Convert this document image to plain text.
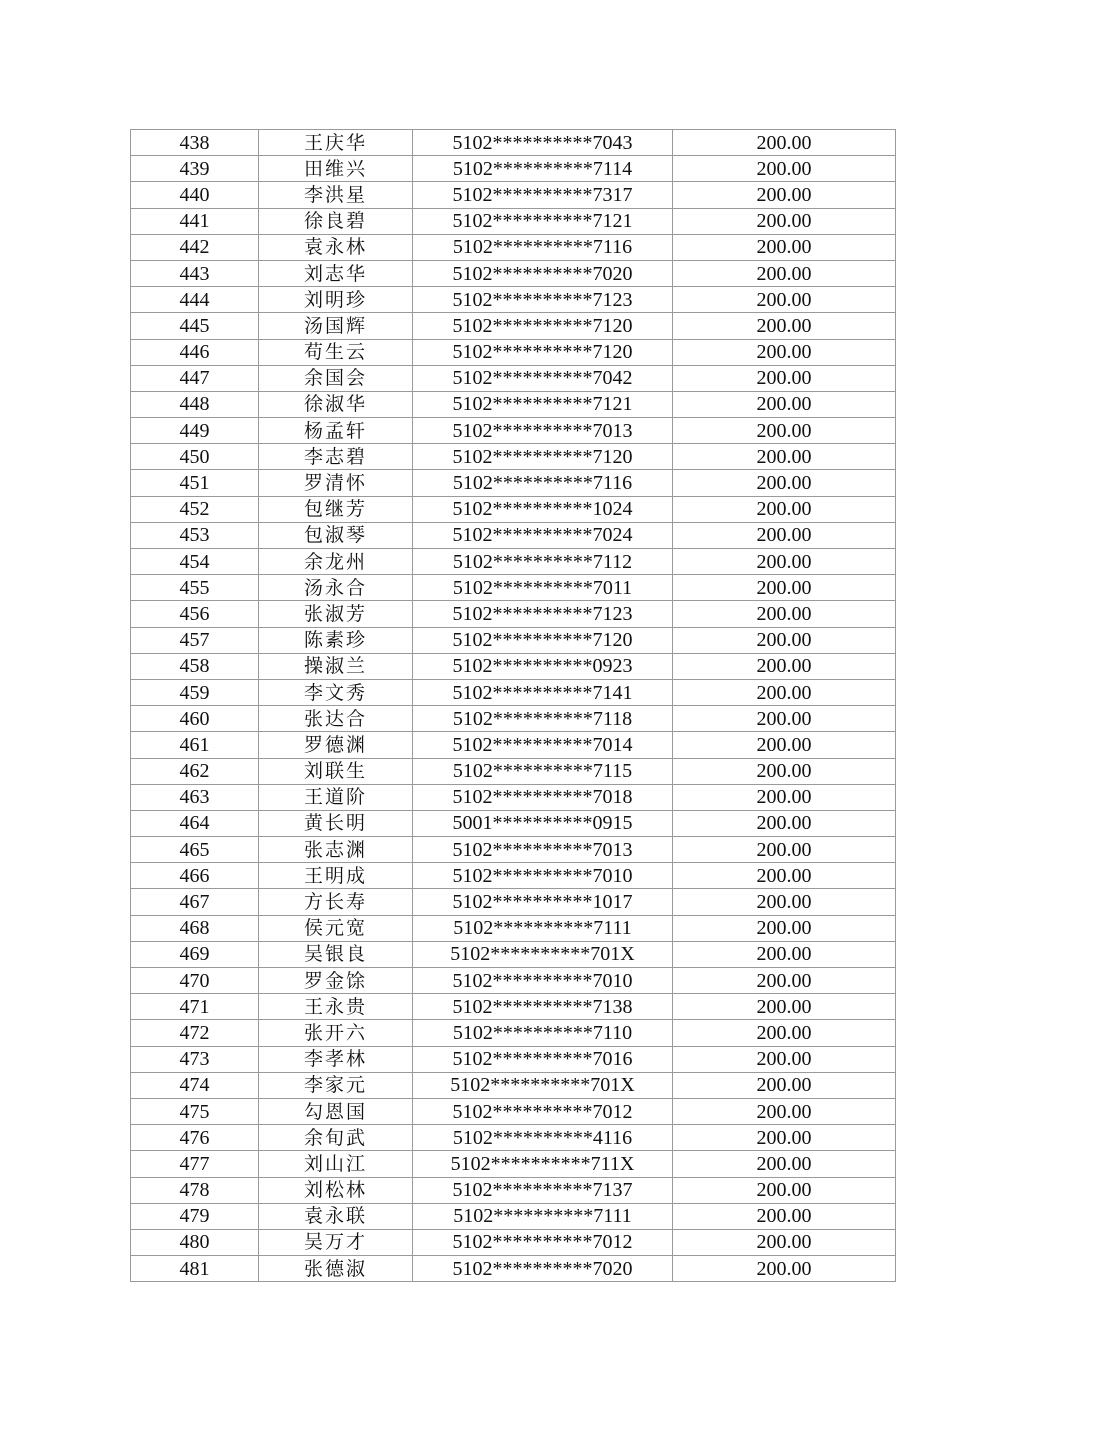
438	王庆华	5102**********7043	200.00
439	田维兴	5102**********7114	200.00
440	李洪星	5102**********7317	200.00
441	徐良碧	5102**********7121	200.00
442	袁永林	5102**********7116	200.00
443	刘志华	5102**********7020	200.00
444	刘明珍	5102**********7123	200.00
445	汤国辉	5102**********7120	200.00
446	苟生云	5102**********7120	200.00
447	余国会	5102**********7042	200.00
448	徐淑华	5102**********7121	200.00
449	杨孟轩	5102**********7013	200.00
450	李志碧	5102**********7120	200.00
451	罗清怀	5102**********7116	200.00
452	包继芳	5102**********1024	200.00
453	包淑琴	5102**********7024	200.00
454	余龙州	5102**********7112	200.00
455	汤永合	5102**********7011	200.00
456	张淑芳	5102**********7123	200.00
457	陈素珍	5102**********7120	200.00
458	操淑兰	5102**********0923	200.00
459	李文秀	5102**********7141	200.00
460	张达合	5102**********7118	200.00
461	罗德渊	5102**********7014	200.00
462	刘联生	5102**********7115	200.00
463	王道阶	5102**********7018	200.00
464	黄长明	5001**********0915	200.00
465	张志渊	5102**********7013	200.00
466	王明成	5102**********7010	200.00
467	方长寿	5102**********1017	200.00
468	侯元宽	5102**********7111	200.00
469	吴银良	5102**********701X	200.00
470	罗金馀	5102**********7010	200.00
471	王永贵	5102**********7138	200.00
472	张开六	5102**********7110	200.00
473	李孝林	5102**********7016	200.00
474	李家元	5102**********701X	200.00
475	勾恩国	5102**********7012	200.00
476	余旬武	5102**********4116	200.00
477	刘山江	5102**********711X	200.00
478	刘松林	5102**********7137	200.00
479	袁永联	5102**********7111	200.00
480	吴万才	5102**********7012	200.00
481	张德淑	5102**********7020	200.00
